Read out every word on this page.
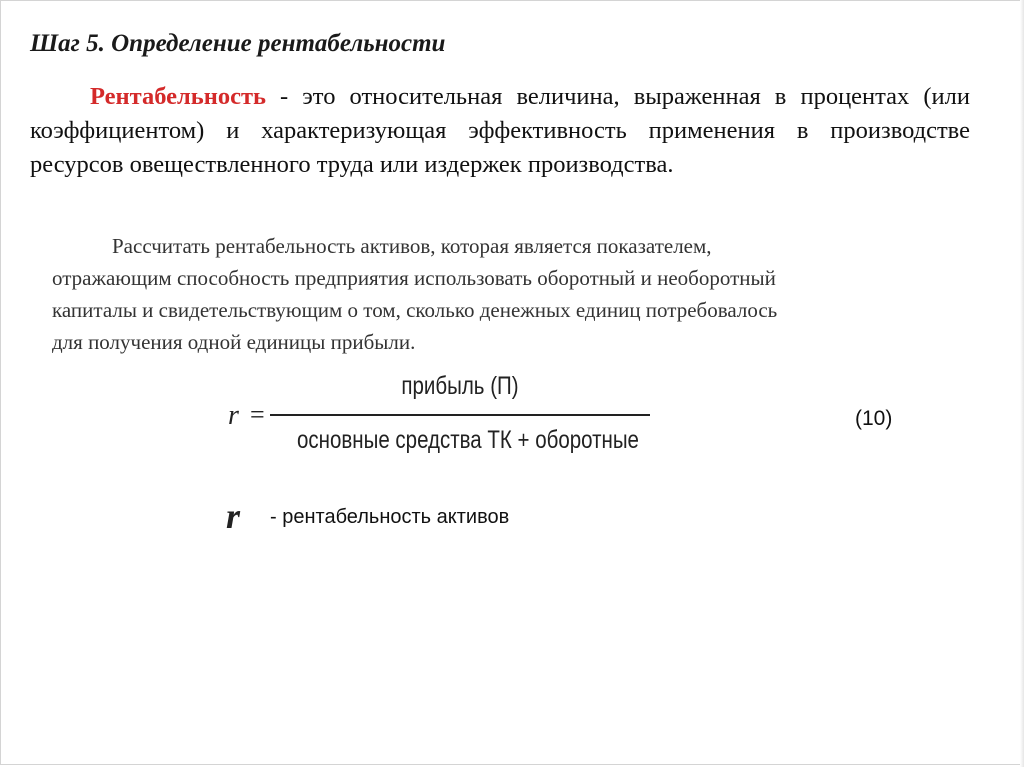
Шаг 5. Определение рентабельности

Рентабельность - это относительная величина, выраженная в процентах (или коэффициентом) и характеризующая эффективность применения в производстве ресурсов овеществленного труда или издержек производства.

Рассчитать рентабельность активов, которая является показателем,
отражающим способность предприятия использовать оборотный и необоротный
капиталы и свидетельствующим о том, сколько денежных единиц потребовалось
для получения одной единицы прибыли.
r =
прибыль (П)
основные средства ТК + оборотные
(10)
r - рентабельность активов
